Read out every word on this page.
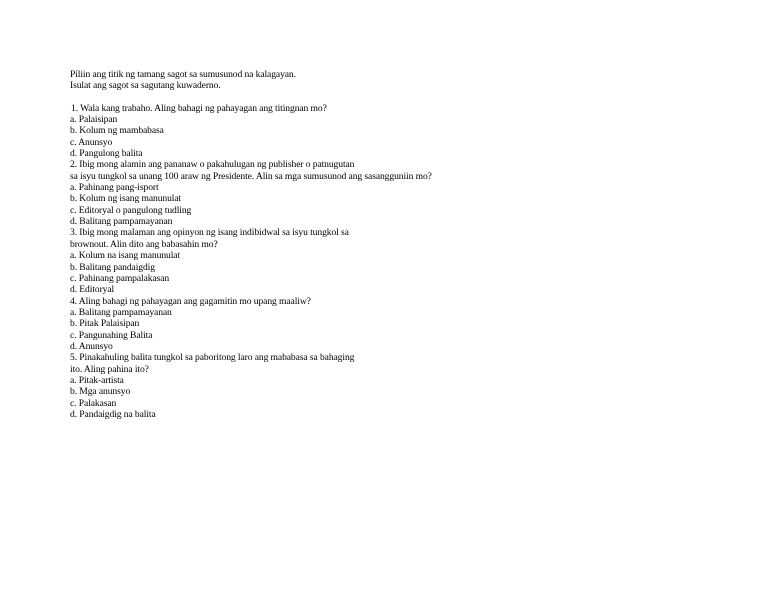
Piliin ang titik ng tamang sagot sa sumusunod na kalagayan.
Isulat ang sagot sa sagutang kuwaderno.
1. Wala kang trabaho. Aling bahagi ng pahayagan ang titingnan mo?
a. Palaisipan
b. Kolum ng mambabasa
c. Anunsyo
d. Pangulong balita
2. Ibig mong alamin ang pananaw o pakahulugan ng publisher o patnugutan
sa isyu tungkol sa unang 100 araw ng Presidente. Alin sa mga sumusunod ang sasangguniin mo?
a. Pahinang pang-isport
b. Kolum ng isang manunulat
c. Editoryal o pangulong tudling
d. Balitang pampamayanan
3. Ibig mong malaman ang opinyon ng isang indibidwal sa isyu tungkol sa
brownout. Alin dito ang babasahin mo?
a. Kolum na isang manunulat
b. Balitang pandaigdig
c. Pahinang pampalakasan
d. Editoryal
4. Aling bahagi ng pahayagan ang gagamitin mo upang maaliw?
a. Balitang pampamayanan
b. Pitak Palaisipan
c. Pangunahing Balita
d. Anunsyo
5. Pinakahuling balita tungkol sa paboritong laro ang mababasa sa bahaging
ito. Aling pahina ito?
a. Pitak-artista
b. Mga anunsyo
c. Palakasan
d. Pandaigdig na balita
